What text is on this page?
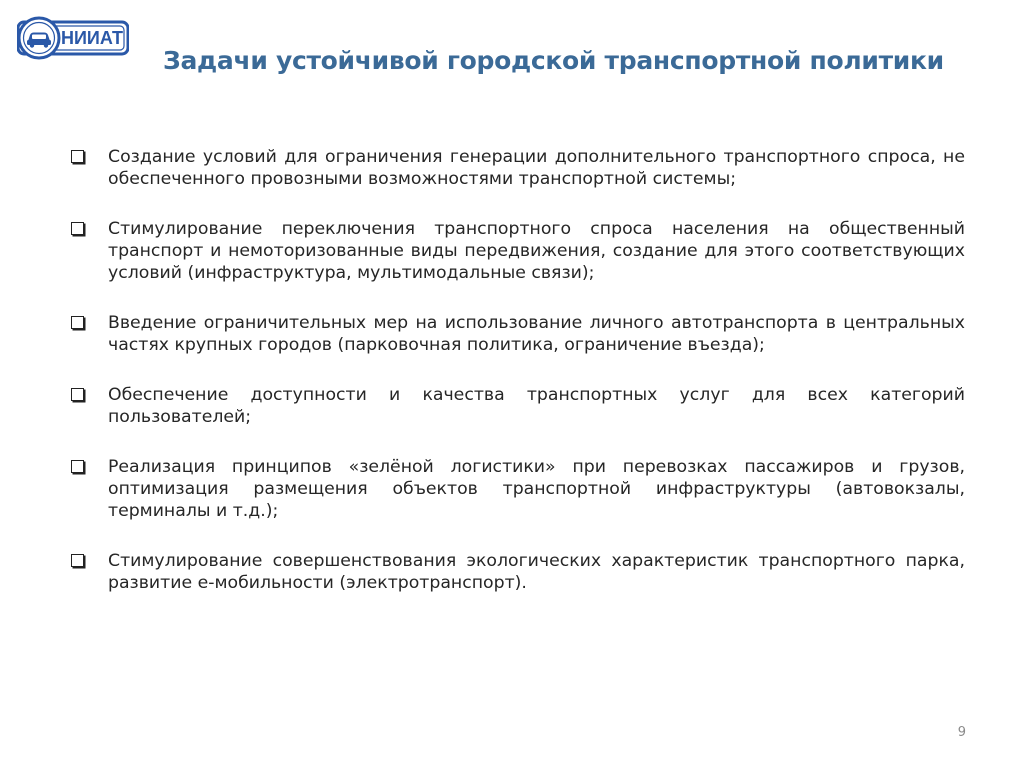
НИИАТ
Задачи устойчивой городской транспортной политики

Создание условий для ограничения генерации дополнительного транспортного спроса, не обеспеченного провозными возможностями транспортной системы;

Стимулирование переключения транспортного спроса населения на общественный транспорт и немоторизованные виды передвижения, создание для этого соответствующих условий (инфраструктура, мультимодальные связи);

Введение ограничительных мер на использование личного автотранспорта в центральных частях крупных городов (парковочная политика, ограничение въезда);

Обеспечение доступности и качества транспортных услуг для всех категорий пользователей;

Реализация принципов «зелёной логистики» при перевозках пассажиров и грузов, оптимизация размещения объектов транспортной инфраструктуры (автовокзалы, терминалы и т.д.);

Стимулирование совершенствования экологических характеристик транспортного парка, развитие е-мобильности (электротранспорт).

9
